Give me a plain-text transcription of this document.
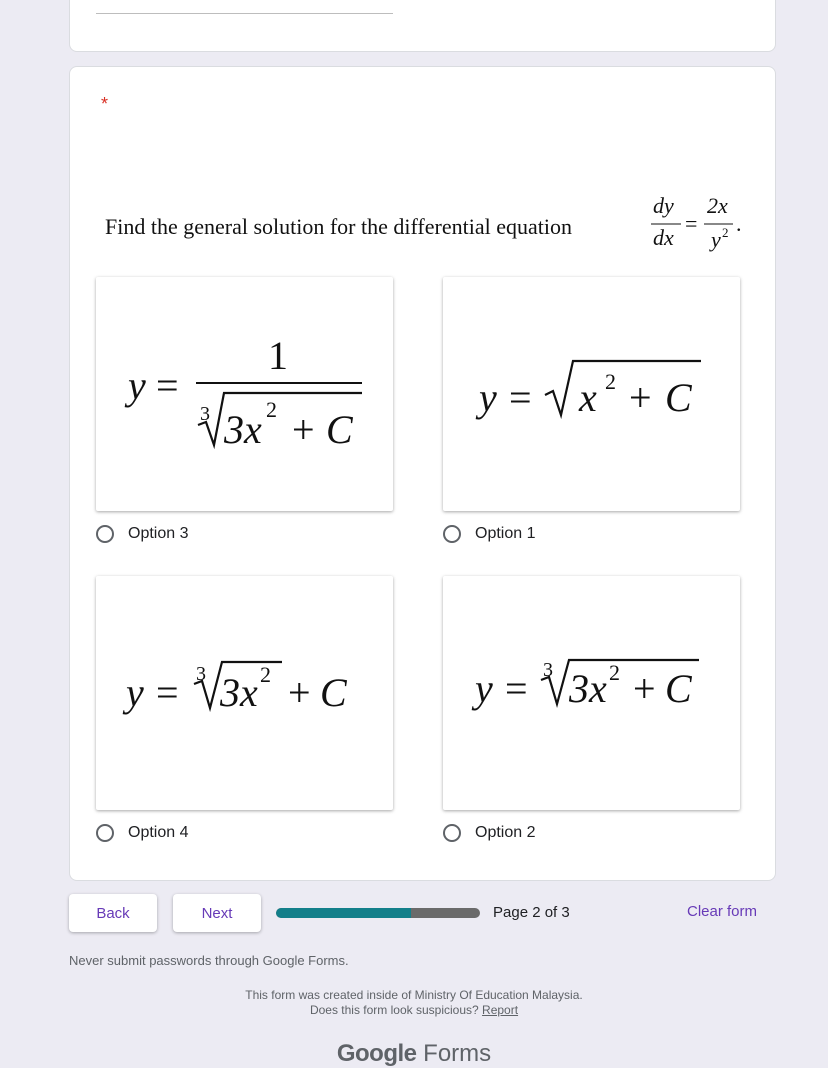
*
Find the general solution for the differential equation
dy
dx
=
2x
y 2 .
y =
1
3 3x 2 + C
Option 3
y = x 2 + C
Option 1
y = 3 3x 2 + C
Option 4
y = 3 3x 2 + C
Option 2
Back	Next	Page 2 of 3	Clear form
Never submit passwords through Google Forms.
This form was created inside of Ministry Of Education Malaysia.
Does this form look suspicious? Report
Google Forms
